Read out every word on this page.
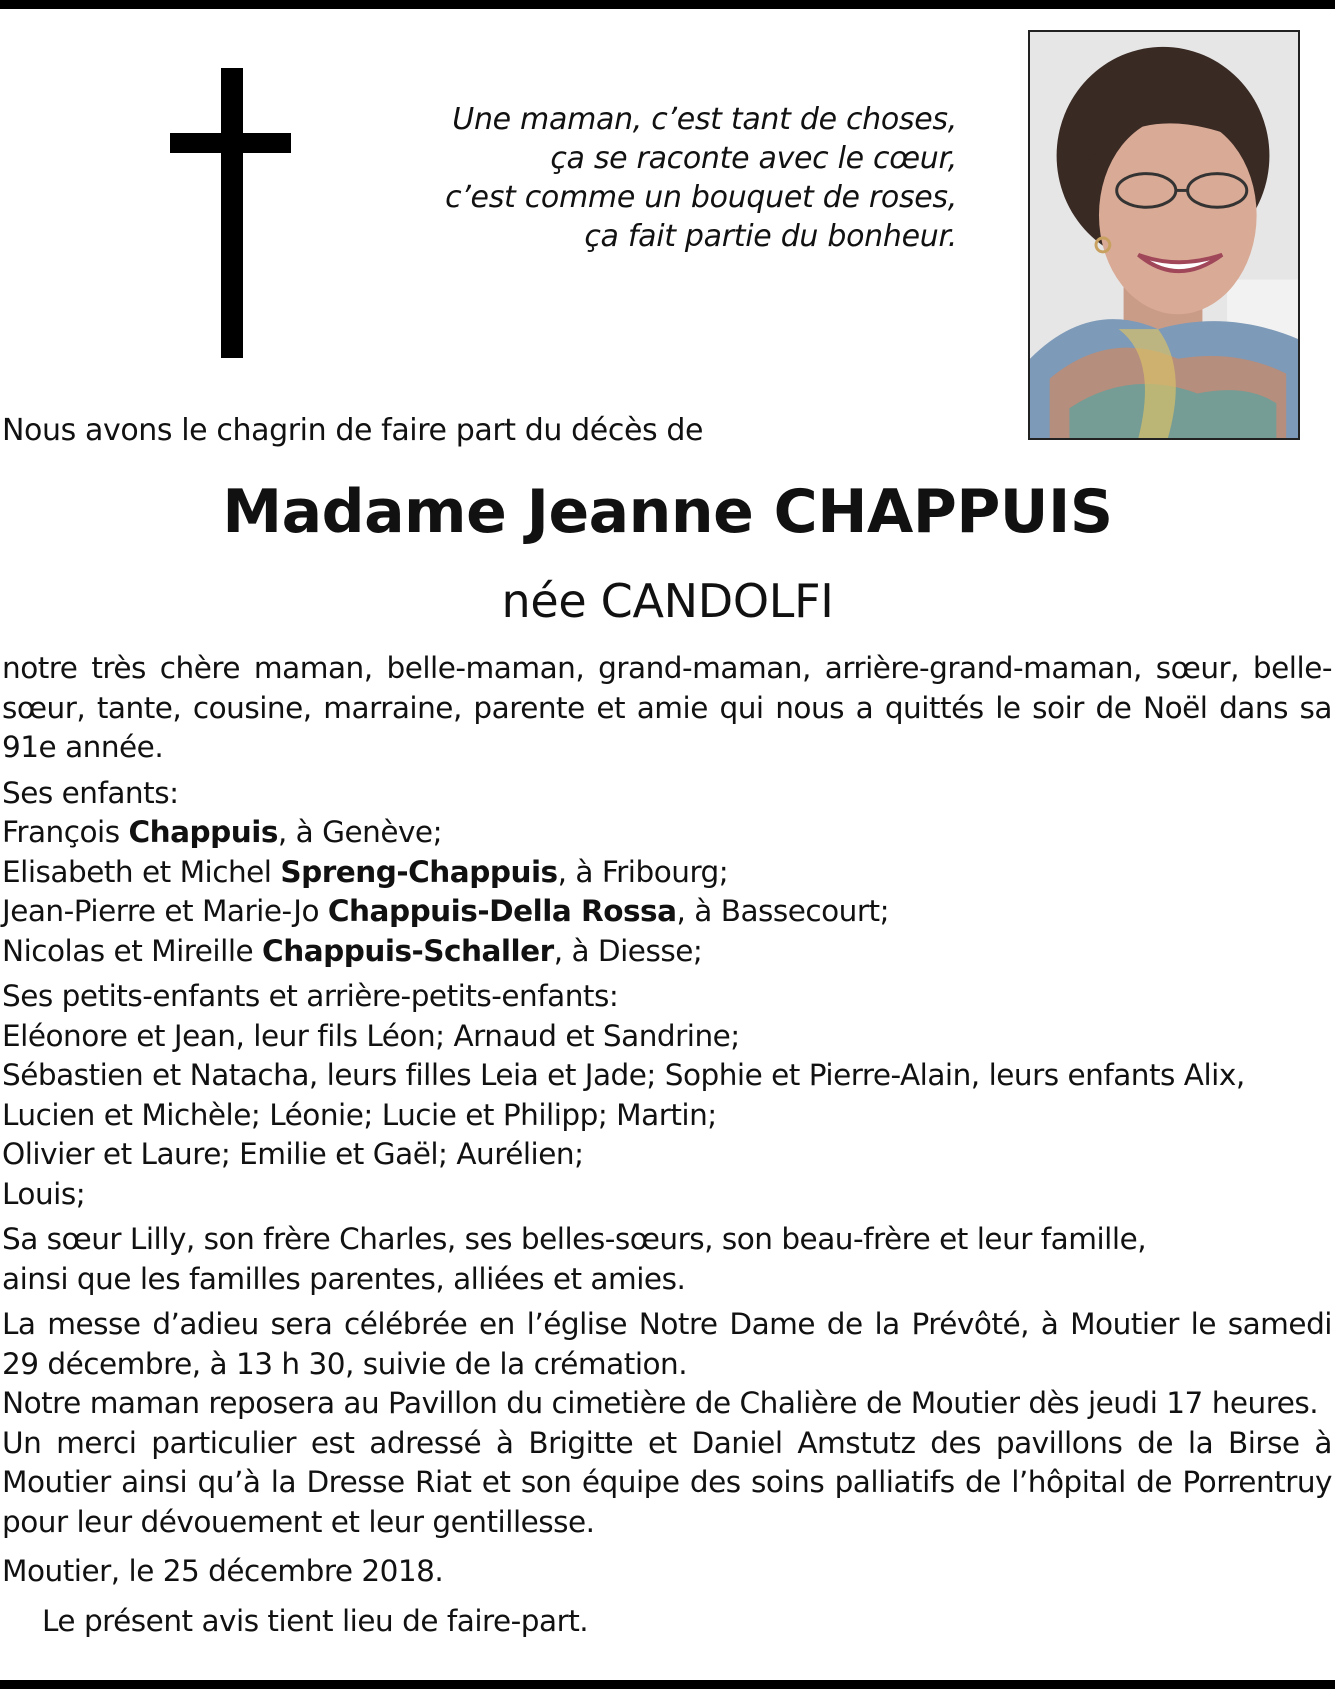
Une maman, c’est tant de choses,
ça se raconte avec le cœur,
c’est comme un bouquet de roses,
ça fait partie du bonheur.
Nous avons le chagrin de faire part du décès de
Madame Jeanne CHAPPUIS
née CANDOLFI

notre très chère maman, belle-maman, grand-maman, arrière-grand-maman, sœur, belle-sœur, tante, cousine, marraine, parente et amie qui nous a quittés le soir de Noël dans sa 91e année.

Ses enfants:
François Chappuis, à Genève;
Elisabeth et Michel Spreng-Chappuis, à Fribourg;
Jean-Pierre et Marie-Jo Chappuis-Della Rossa, à Bassecourt;
Nicolas et Mireille Chappuis-Schaller, à Diesse;
Ses petits-enfants et arrière-petits-enfants:
Eléonore et Jean, leur fils Léon; Arnaud et Sandrine;
Sébastien et Natacha, leurs filles Leia et Jade; Sophie et Pierre-Alain, leurs enfants Alix,
Lucien et Michèle; Léonie; Lucie et Philipp; Martin;
Olivier et Laure; Emilie et Gaël; Aurélien;
Louis;
Sa sœur Lilly, son frère Charles, ses belles-sœurs, son beau-frère et leur famille,
ainsi que les familles parentes, alliées et amies.

La messe d’adieu sera célébrée en l’église Notre Dame de la Prévôté, à Moutier le samedi 29 décembre, à 13 h 30, suivie de la crémation.

Notre maman reposera au Pavillon du cimetière de Chalière de Moutier dès jeudi 17 heures.

Un merci particulier est adressé à Brigitte et Daniel Amstutz des pavillons de la Birse à Moutier ainsi qu’à la Dresse Riat et son équipe des soins palliatifs de l’hôpital de Porrentruy pour leur dévouement et leur gentillesse.

Moutier, le 25 décembre 2018.
Le présent avis tient lieu de faire-part.
